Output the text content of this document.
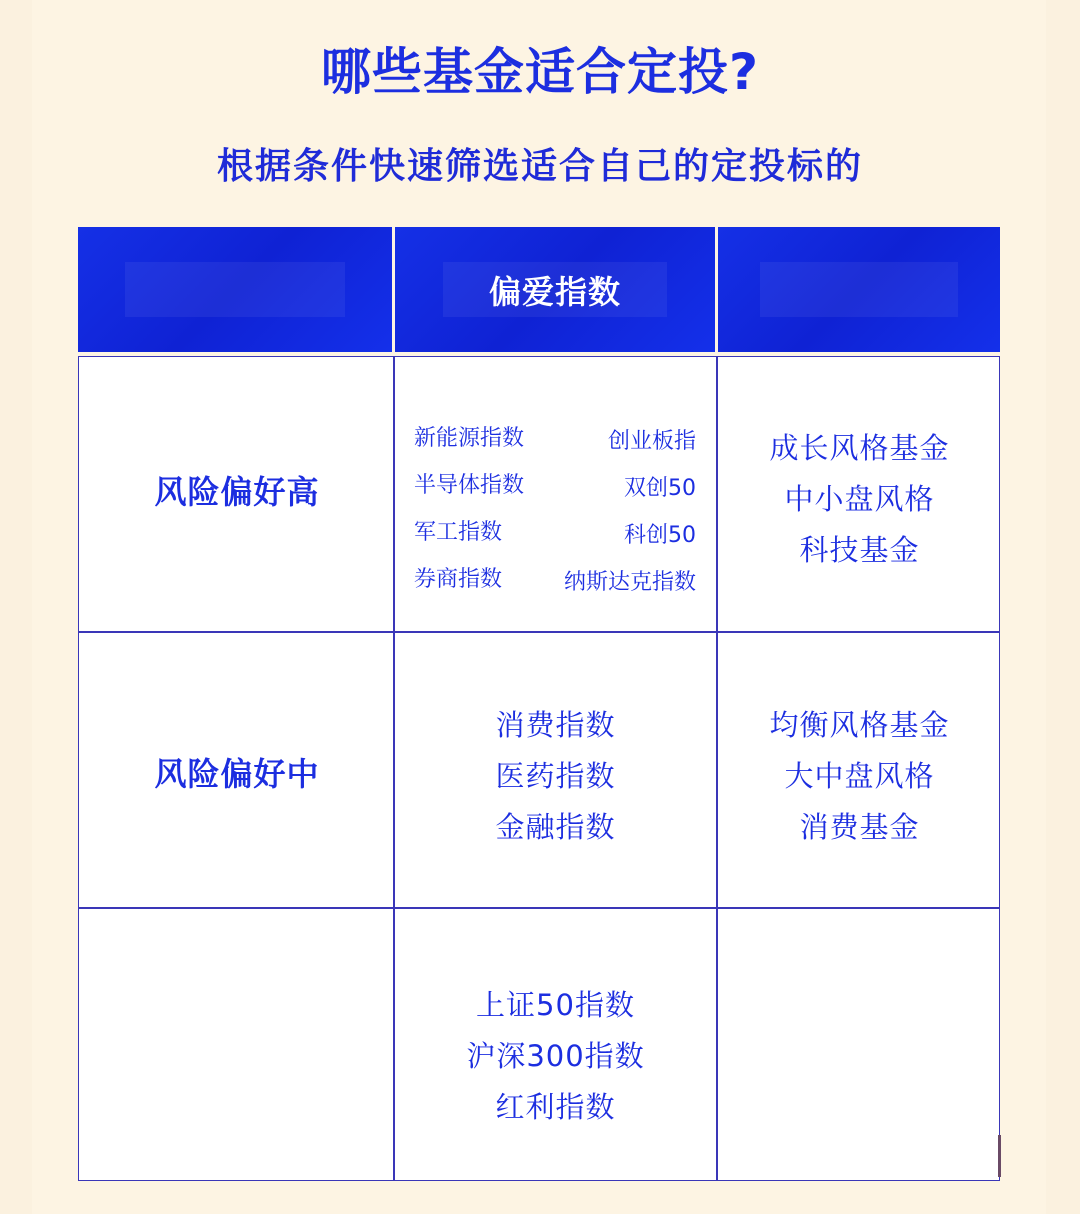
哪些基金适合定投?
根据条件快速筛选适合自己的定投标的
偏爱指数
风险偏好高
新能源指数
半导体指数
军工指数
券商指数
创业板指
双创50
科创50
纳斯达克指数
成长风格基金
中小盘风格
科技基金
风险偏好中
消费指数
医药指数
金融指数
均衡风格基金
大中盘风格
消费基金
上证50指数
沪深300指数
红利指数
